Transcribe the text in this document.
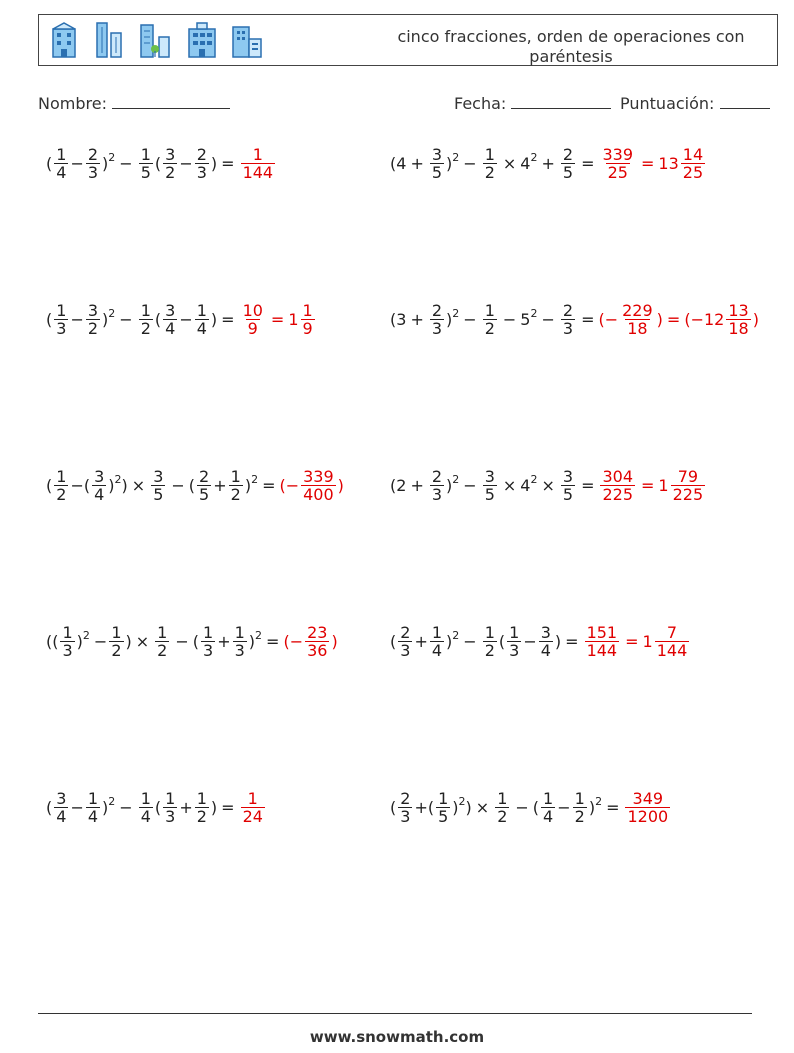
cinco fracciones, orden de operaciones con
paréntesis
Nombre:	Fecha:	Puntuación:
( $\frac{1}{4} - \frac{2}{3} )^2 - \frac{1}{5}$ ( $\frac{3}{2} - \frac{2}{3}$ ) = $\frac{1}{144}$	( $4 + \frac{3}{5} )^2 - \frac{1}{2} \times 4^2 + \frac{2}{5} = \frac{339}{25} = 13 \frac{14}{25}$
( $\frac{1}{3} - \frac{3}{2} )^2 - \frac{1}{2}$ ( $\frac{3}{4} - \frac{1}{4}$ ) = $\frac{10}{9} = 1 \frac{1}{9}$	( $3 + \frac{2}{3} )^2 - \frac{1}{2} - 5^2 - \frac{2}{3}$ = ( − $\frac{229}{18}$ ) = ( − $12 \frac{13}{18}$ )
( $\frac{1}{2}$ − ( $\frac{3}{4} )^2$ ) × $\frac{3}{5}$ − ( $\frac{2}{5} + \frac{1}{2} )^2$ = ( − $\frac{339}{400}$ )	( $2 + \frac{2}{3} )^2 - \frac{3}{5} \times 4^2 \times \frac{3}{5} = \frac{304}{225} = 1 \frac{79}{225}$
(( $\frac{1}{3} )^2 - \frac{1}{2}$ ) × $\frac{1}{2}$ − ( $\frac{1}{3} + \frac{1}{3} )^2$ = ( − $\frac{23}{36}$ )	( $\frac{2}{3} + \frac{1}{4} )^2 - \frac{1}{2}$ ( $\frac{1}{3} - \frac{3}{4}$ ) = $\frac{151}{144} = 1 \frac{7}{144}$
( $\frac{3}{4} - \frac{1}{4} )^2 - \frac{1}{4}$ ( $\frac{1}{3} + \frac{1}{2}$ ) = $\frac{1}{24}$	( $\frac{2}{3}$ + ( $\frac{1}{5} )^2$ ) × $\frac{1}{2}$ − ( $\frac{1}{4} - \frac{1}{2} )^2 = \frac{349}{1200}$
www.snowmath.com
